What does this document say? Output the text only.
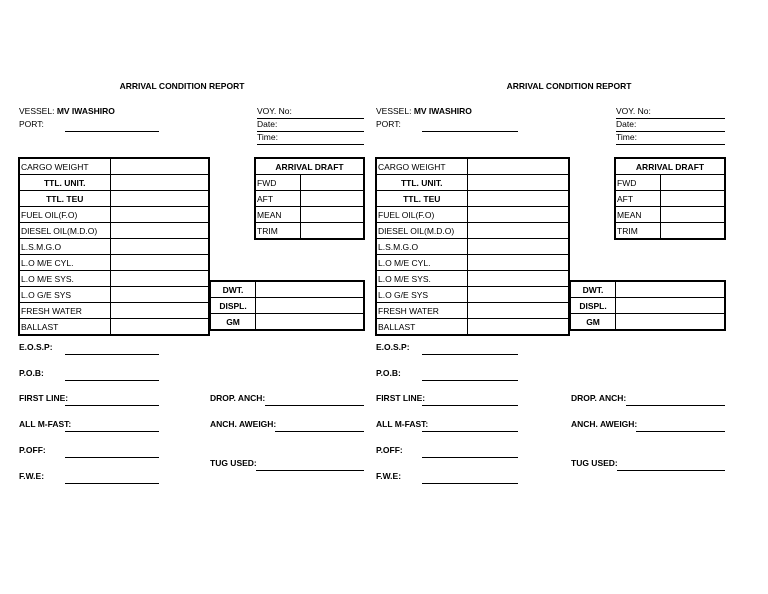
ARRIVAL CONDITION REPORT
VESSEL: MV IWASHIRO
PORT:
VOY. No:
Date:
Time:
CARGO WEIGHT	
TTL. UNIT.	
TTL. TEU	
FUEL OIL(F.O)	
DIESEL OIL(M.D.O)	
L.S.M.G.O	
L.O M/E CYL.	
L.O M/E SYS.	
L.O G/E SYS	
FRESH WATER	
BALLAST	
ARRIVAL DRAFT	
FWD	
AFT	
MEAN	
TRIM	
DWT.	
DISPL.	
GM	
E.O.S.P:
P.O.B:
FIRST LINE:
ALL M-FAST:
P.OFF:
F.W.E:
DROP. ANCH:
ANCH. AWEIGH:
TUG USED:
ARRIVAL CONDITION REPORT
VESSEL: MV IWASHIRO
PORT:
VOY. No:
Date:
Time:
CARGO WEIGHT	
TTL. UNIT.	
TTL. TEU	
FUEL OIL(F.O)	
DIESEL OIL(M.D.O)	
L.S.M.G.O	
L.O M/E CYL.	
L.O M/E SYS.	
L.O G/E SYS	
FRESH WATER	
BALLAST	
ARRIVAL DRAFT	
FWD	
AFT	
MEAN	
TRIM	
DWT.	
DISPL.	
GM	
E.O.S.P:
P.O.B:
FIRST LINE:
ALL M-FAST:
P.OFF:
F.W.E:
DROP. ANCH:
ANCH. AWEIGH:
TUG USED:
